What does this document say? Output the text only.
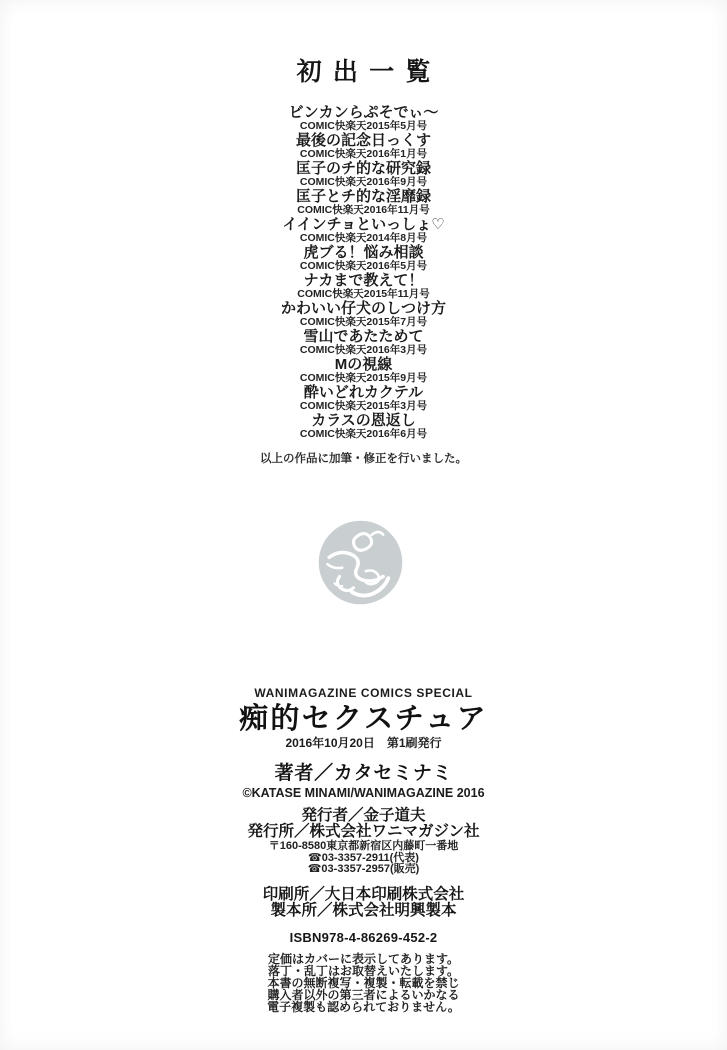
初出一覧
ビンカンらぷそでぃ〜
COMIC快楽天2015年5月号
最後の記念日っくす
COMIC快楽天2016年1月号
匡子のチ的な研究録
COMIC快楽天2016年9月号
匡子とチ的な淫靡録
COMIC快楽天2016年11月号
イインチョといっしょ♡
COMIC快楽天2014年8月号
虎ブる！悩み相談
COMIC快楽天2016年5月号
ナカまで教えて！
COMIC快楽天2015年11月号
かわいい仔犬のしつけ方
COMIC快楽天2015年7月号
雪山であたためて
COMIC快楽天2016年3月号
Mの視線
COMIC快楽天2015年9月号
酔いどれカクテル
COMIC快楽天2015年3月号
カラスの恩返し
COMIC快楽天2016年6月号
以上の作品に加筆・修正を行いました。
WANIMAGAZINE COMICS SPECIAL
痴的セクスチュア
2016年10月20日　第1刷発行
著者／カタセミナミ
©KATASE MINAMI/WANIMAGAZINE 2016
発行者／金子道夫
発行所／株式会社ワニマガジン社
〒160-8580東京都新宿区内藤町一番地
☎03-3357-2911(代表)
☎03-3357-2957(販売)
印刷所／大日本印刷株式会社
製本所／株式会社明興製本
ISBN978-4-86269-452-2
定価はカバーに表示してあります。
落丁・乱丁はお取替えいたします。
本書の無断複写・複製・転載を禁じ
購入者以外の第三者によるいかなる
電子複製も認められておりません。
